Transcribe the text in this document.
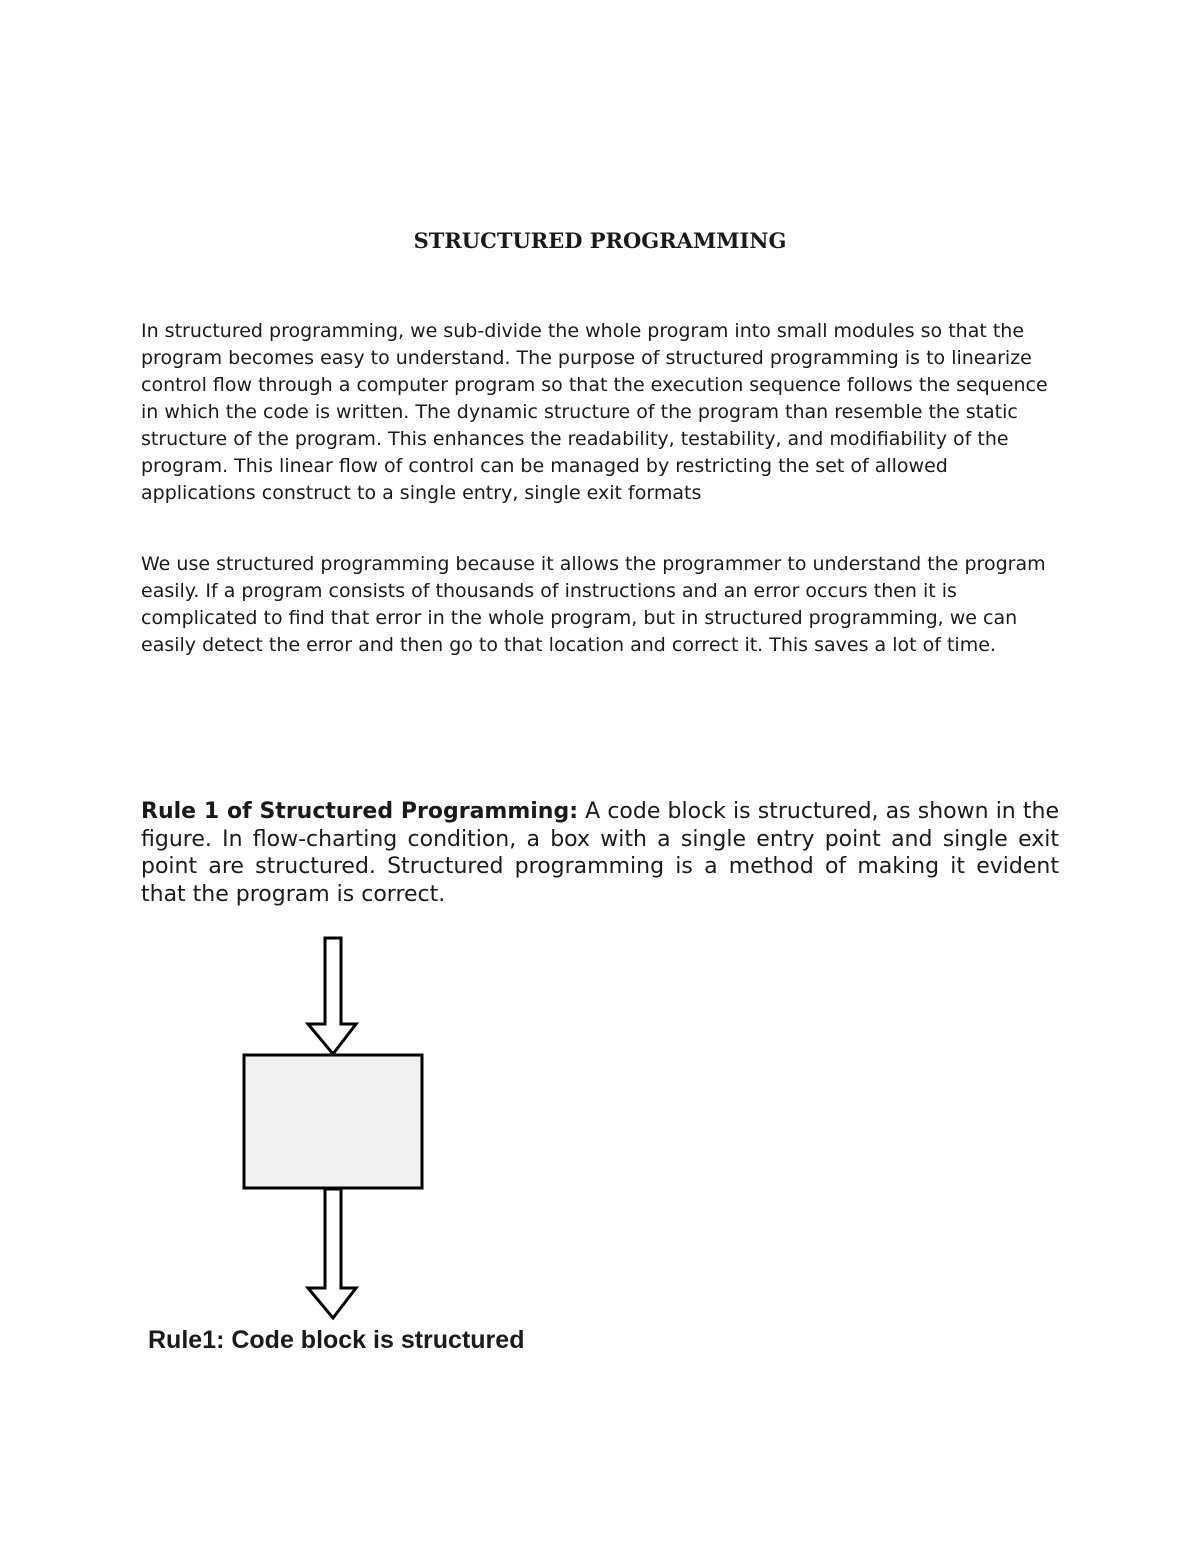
STRUCTURED PROGRAMMING

In structured programming, we sub-divide the whole program into small modules so that the program becomes easy to understand. The purpose of structured programming is to linearize control flow through a computer program so that the execution sequence follows the sequence in which the code is written. The dynamic structure of the program than resemble the static structure of the program. This enhances the readability, testability, and modifiability of the program. This linear flow of control can be managed by restricting the set of allowed applications construct to a single entry, single exit formats

We use structured programming because it allows the programmer to understand the program easily. If a program consists of thousands of instructions and an error occurs then it is complicated to find that error in the whole program, but in structured programming, we can easily detect the error and then go to that location and correct it. This saves a lot of time.

Rule 1 of Structured Programming: A code block is structured, as shown in the figure. In flow-charting condition, a box with a single entry point and single exit point are structured. Structured programming is a method of making it evident that the program is correct.

Rule1: Code block is structured
